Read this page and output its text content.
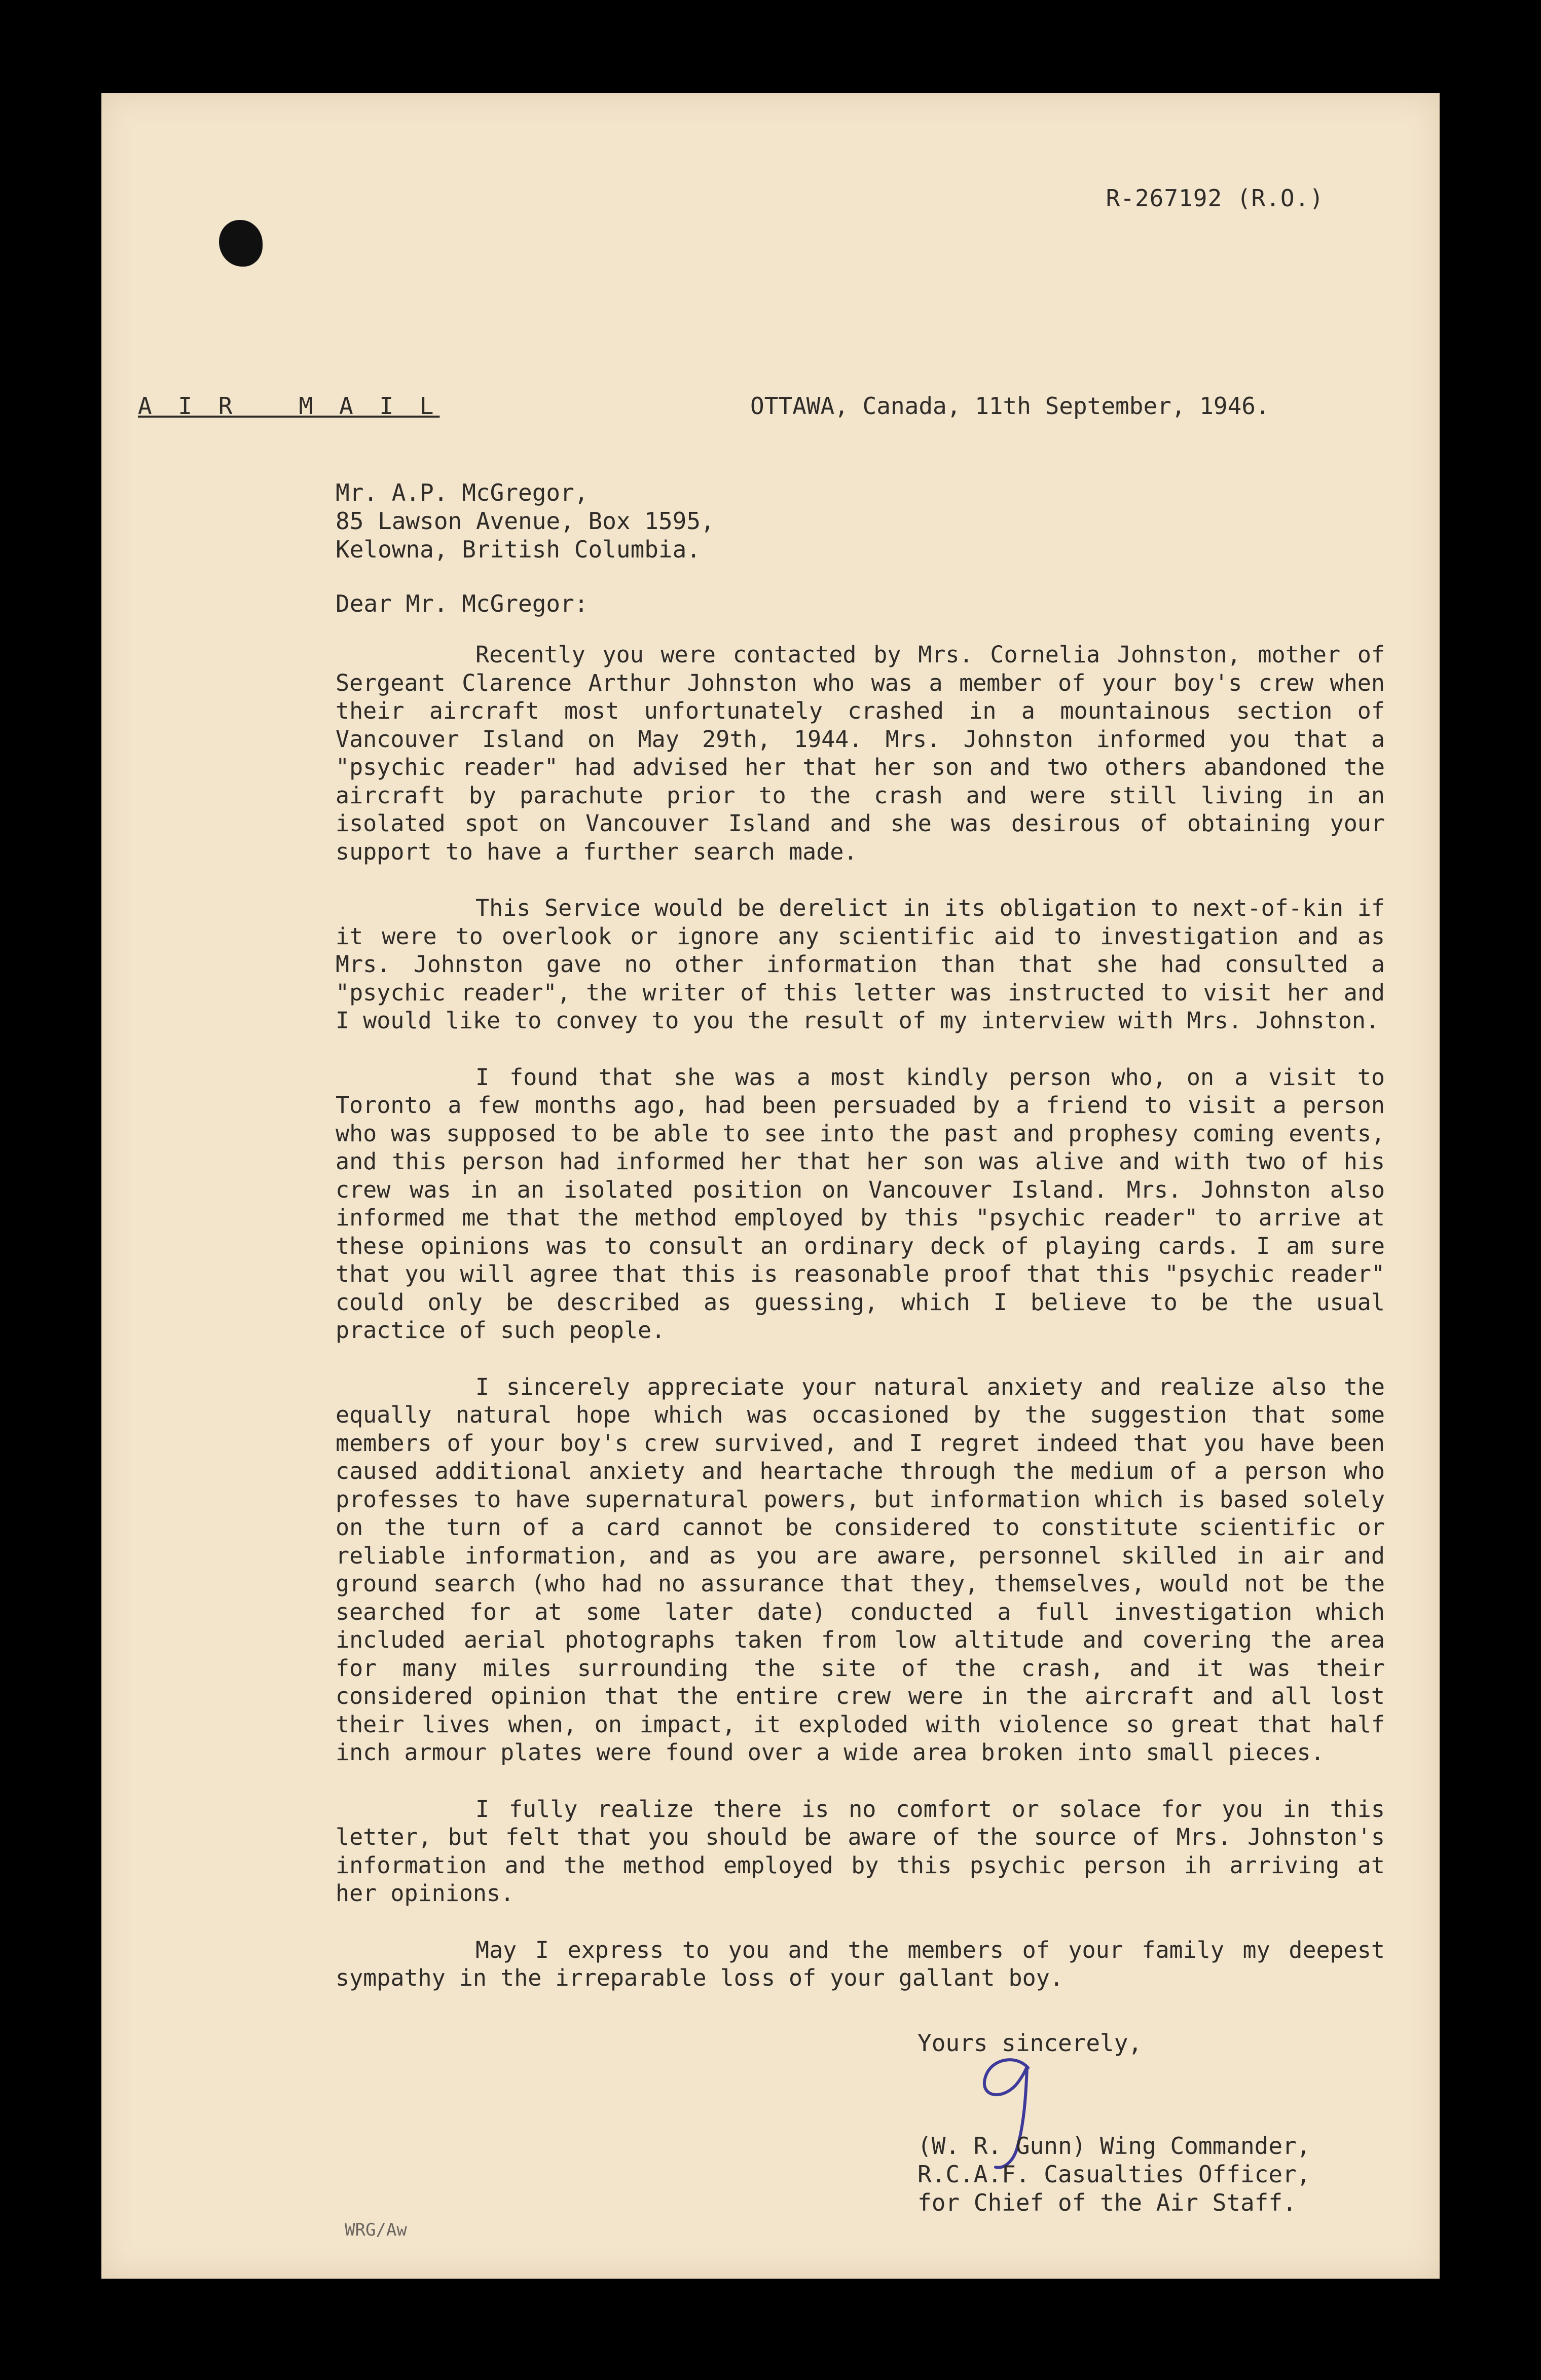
R-267192 (R.O.)
A I R   M A I L	OTTAWA, Canada, 11th September, 1946.
Mr. A.P. McGregor,
85 Lawson Avenue, Box 1595,
Kelowna, British Columbia.
Dear Mr. McGregor:

Recently you were contacted by Mrs. Cornelia Johnston, mother of Sergeant Clarence Arthur Johnston who was a member of your boy's crew when their aircraft most unfortunately crashed in a mountainous section of Vancouver Island on May 29th, 1944. Mrs. Johnston informed you that a "psychic reader" had advised her that her son and two others abandoned the aircraft by parachute prior to the crash and were still living in an isolated spot on Vancouver Island and she was desirous of obtaining your support to have a further search made.

This Service would be derelict in its obligation to next-of-kin if it were to overlook or ignore any scientific aid to investigation and as Mrs. Johnston gave no other information than that she had consulted a "psychic reader", the writer of this letter was instructed to visit her and I would like to convey to you the result of my interview with Mrs. Johnston.

I found that she was a most kindly person who, on a visit to Toronto a few months ago, had been persuaded by a friend to visit a person who was supposed to be able to see into the past and prophesy coming events, and this person had informed her that her son was alive and with two of his crew was in an isolated position on Vancouver Island. Mrs. Johnston also informed me that the method employed by this "psychic reader" to arrive at these opinions was to consult an ordinary deck of playing cards. I am sure that you will agree that this is reasonable proof that this "psychic reader" could only be described as guessing, which I believe to be the usual practice of such people.

I sincerely appreciate your natural anxiety and realize also the equally natural hope which was occasioned by the suggestion that some members of your boy's crew survived, and I regret indeed that you have been caused additional anxiety and heartache through the medium of a person who professes to have supernatural powers, but information which is based solely on the turn of a card cannot be considered to constitute scientific or reliable information, and as you are aware, personnel skilled in air and ground search (who had no assurance that they, themselves, would not be the searched for at some later date) conducted a full investigation which included aerial photographs taken from low altitude and covering the area for many miles surrounding the site of the crash, and it was their considered opinion that the entire crew were in the aircraft and all lost their lives when, on impact, it exploded with violence so great that half inch armour plates were found over a wide area broken into small pieces.

I fully realize there is no comfort or solace for you in this letter, but felt that you should be aware of the source of Mrs. Johnston's information and the method employed by this psychic person ih arriving at her opinions.

May I express to you and the members of your family my deepest sympathy in the irreparable loss of your gallant boy.

Yours sincerely,
(W. R. Gunn) Wing Commander,
R.C.A.F. Casualties Officer,
for Chief of the Air Staff.
WRG/Aw
